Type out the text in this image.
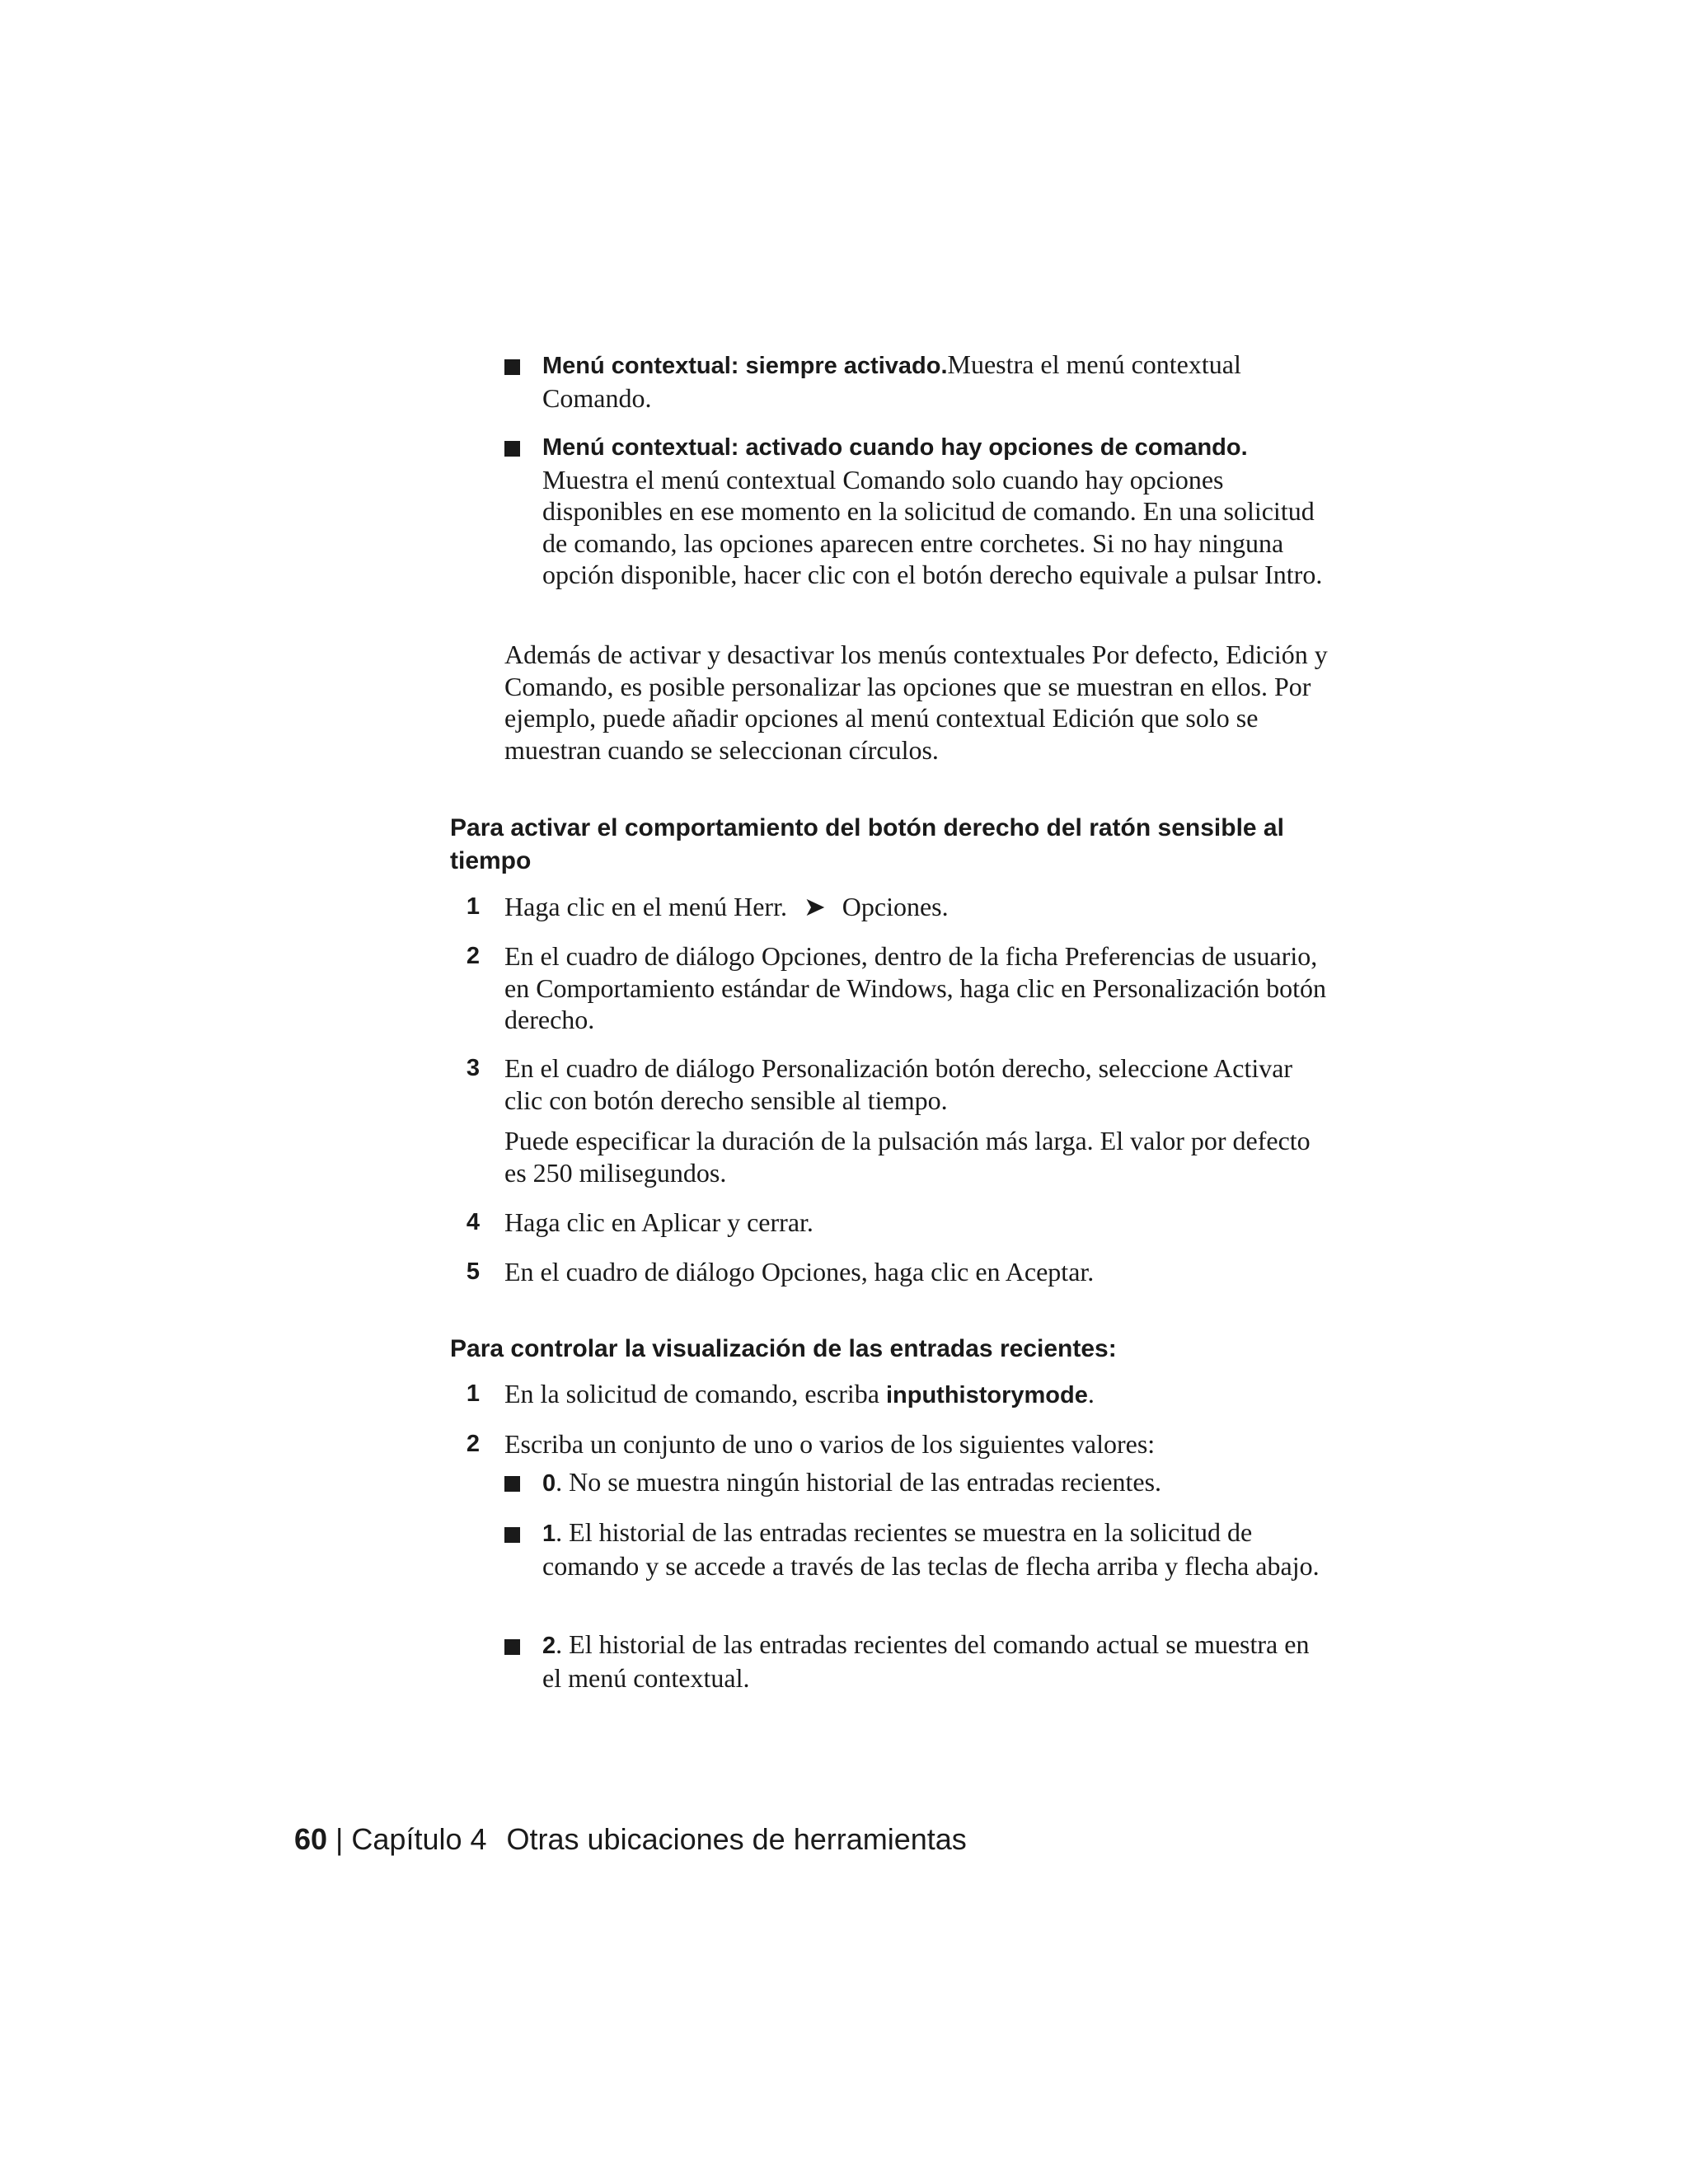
Menú contextual: siempre activado.Muestra el menú contextual Comando.
Menú contextual: activado cuando hay opciones de comando. Muestra el menú contextual Comando solo cuando hay opciones disponibles en ese momento en la solicitud de comando. En una solicitud de comando, las opciones aparecen entre corchetes. Si no hay ninguna opción disponible, hacer clic con el botón derecho equivale a pulsar Intro.
Además de activar y desactivar los menús contextuales Por defecto, Edición y Comando, es posible personalizar las opciones que se muestran en ellos. Por ejemplo, puede añadir opciones al menú contextual Edición que solo se muestran cuando se seleccionan círculos.
Para activar el comportamiento del botón derecho del ratón sensible al tiempo
1 Haga clic en el menú Herr. ➤ Opciones.
2 En el cuadro de diálogo Opciones, dentro de la ficha Preferencias de usuario, en Comportamiento estándar de Windows, haga clic en Personalización botón derecho.
3 En el cuadro de diálogo Personalización botón derecho, seleccione Activar clic con botón derecho sensible al tiempo.
Puede especificar la duración de la pulsación más larga. El valor por defecto es 250 milisegundos.
4 Haga clic en Aplicar y cerrar.
5 En el cuadro de diálogo Opciones, haga clic en Aceptar.
Para controlar la visualización de las entradas recientes:
1 En la solicitud de comando, escriba inputhistorymode.
2 Escriba un conjunto de uno o varios de los siguientes valores:
0. No se muestra ningún historial de las entradas recientes.
1. El historial de las entradas recientes se muestra en la solicitud de comando y se accede a través de las teclas de flecha arriba y flecha abajo.
2. El historial de las entradas recientes del comando actual se muestra en el menú contextual.
60 | Capítulo 4 Otras ubicaciones de herramientas
